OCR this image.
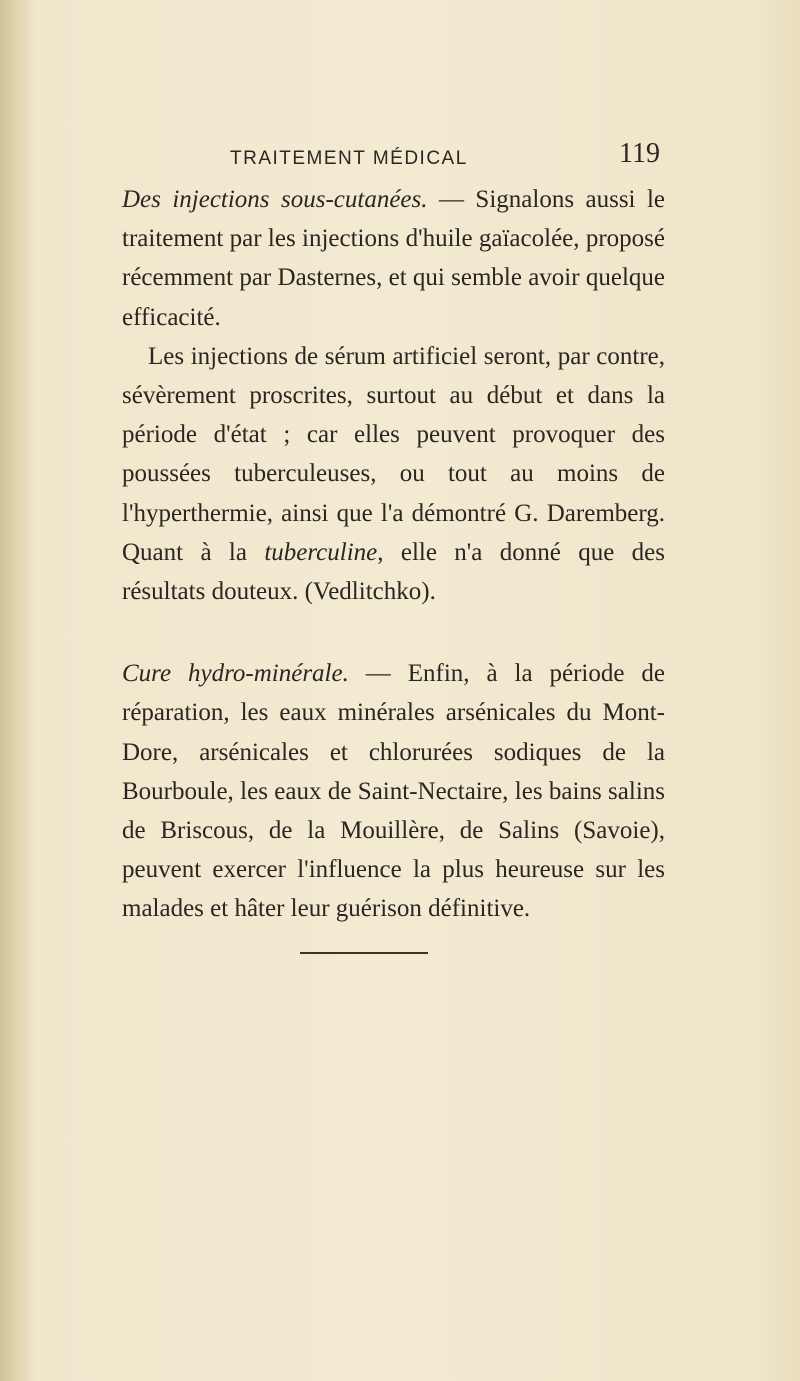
TRAITEMENT MÉDICAL	119

Des injections sous-cutanées. — Signalons aussi le traitement par les injections d'huile gaïacolée, proposé récemment par Dasternes, et qui semble avoir quelque efficacité.

Les injections de sérum artificiel seront, par contre, sévèrement proscrites, surtout au début et dans la période d'état ; car elles peuvent provoquer des poussées tuberculeuses, ou tout au moins de l'hyperthermie, ainsi que l'a démontré G. Daremberg. Quant à la tuberculine, elle n'a donné que des résultats douteux. (Vedlitchko).

Cure hydro-minérale. — Enfin, à la période de réparation, les eaux minérales arsénicales du Mont-Dore, arsénicales et chlorurées sodiques de la Bourboule, les eaux de Saint-Nectaire, les bains salins de Briscous, de la Mouillère, de Salins (Savoie), peuvent exercer l'influence la plus heureuse sur les malades et hâter leur guérison définitive.
